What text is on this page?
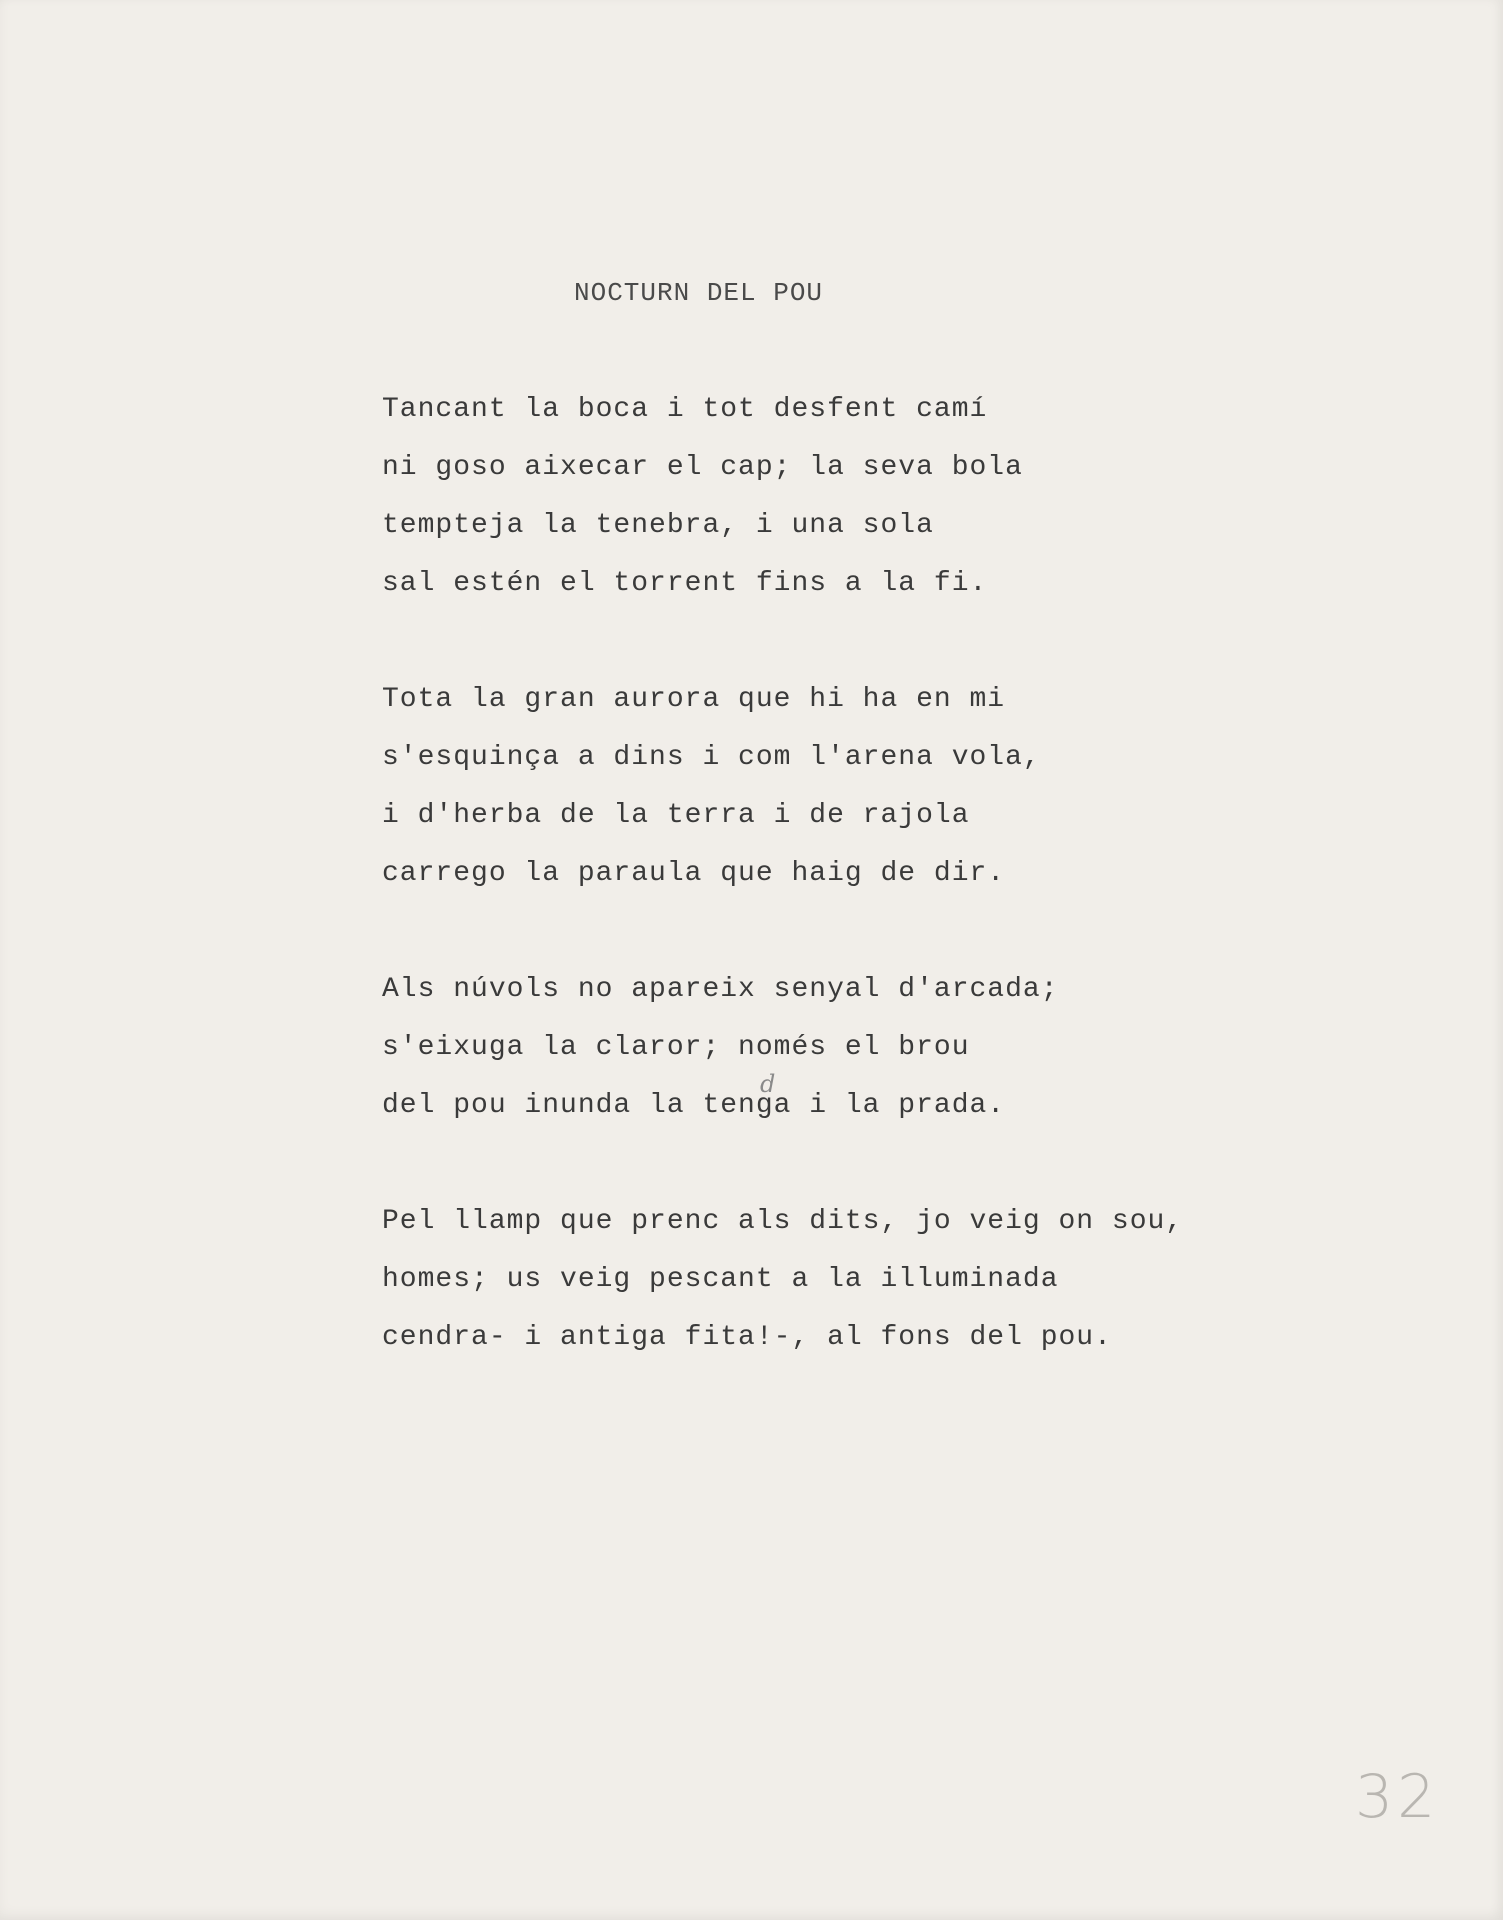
NOCTURN DEL POU
Tancant la boca i tot desfent camí
ni goso aixecar el cap; la seva bola
tempteja la tenebra, i una sola
sal estén el torrent fins a la fi.
Tota la gran aurora que hi ha en mi
s'esquinça a dins i com l'arena vola,
i d'herba de la terra i de rajola
carrego la paraula que haig de dir.
Als núvols no apareix senyal d'arcada;
s'eixuga la claror; només el brou
del pou inunda la tenga i la prada.
Pel llamp que prenc als dits, jo veig on sou,
homes; us veig pescant a la illuminada
cendra- i antiga fita!-, al fons del pou.
d
32
